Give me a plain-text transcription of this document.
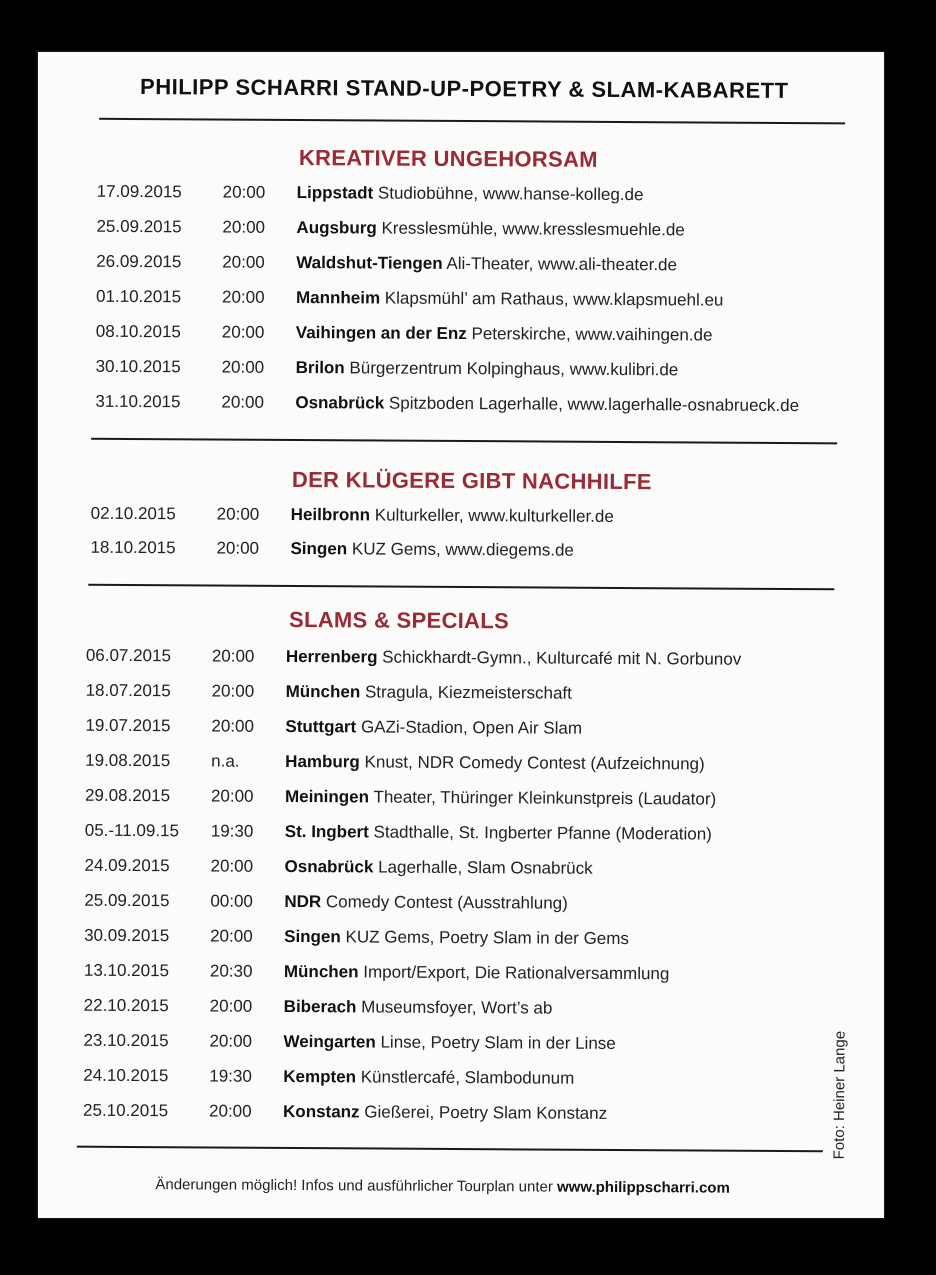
PHILIPP SCHARRI STAND-UP-POETRY & SLAM-KABARETT
KREATIVER UNGEHORSAM
17.09.2015	20:00	Lippstadt Studiobühne, www.hanse-kolleg.de
25.09.2015	20:00	Augsburg Kresslesmühle, www.kresslesmuehle.de
26.09.2015	20:00	Waldshut-Tiengen Ali-Theater, www.ali-theater.de
01.10.2015	20:00	Mannheim Klapsmühl’ am Rathaus, www.klapsmuehl.eu
08.10.2015	20:00	Vaihingen an der Enz Peterskirche, www.vaihingen.de
30.10.2015	20:00	Brilon Bürgerzentrum Kolpinghaus, www.kulibri.de
31.10.2015	20:00	Osnabrück Spitzboden Lagerhalle, www.lagerhalle-osnabrueck.de
DER KLÜGERE GIBT NACHHILFE
02.10.2015	20:00	Heilbronn Kulturkeller, www.kulturkeller.de
18.10.2015	20:00	Singen KUZ Gems, www.diegems.de
SLAMS & SPECIALS
06.07.2015	20:00	Herrenberg Schickhardt-Gymn., Kulturcafé mit N. Gorbunov
18.07.2015	20:00	München Stragula, Kiezmeisterschaft
19.07.2015	20:00	Stuttgart GAZi-Stadion, Open Air Slam
19.08.2015	n.a.	Hamburg Knust, NDR Comedy Contest (Aufzeichnung)
29.08.2015	20:00	Meiningen Theater, Thüringer Kleinkunstpreis (Laudator)
05.-11.09.15	19:30	St. Ingbert Stadthalle, St. Ingberter Pfanne (Moderation)
24.09.2015	20:00	Osnabrück Lagerhalle, Slam Osnabrück
25.09.2015	00:00	NDR Comedy Contest (Ausstrahlung)
30.09.2015	20:00	Singen KUZ Gems, Poetry Slam in der Gems
13.10.2015	20:30	München Import/Export, Die Rationalversammlung
22.10.2015	20:00	Biberach Museumsfoyer, Wort’s ab
23.10.2015	20:00	Weingarten Linse, Poetry Slam in der Linse
24.10.2015	19:30	Kempten Künstlercafé, Slambodunum
25.10.2015	20:00	Konstanz Gießerei, Poetry Slam Konstanz
Änderungen möglich! Infos und ausführlicher Tourplan unter www.philippscharri.com
Foto: Heiner Lange
